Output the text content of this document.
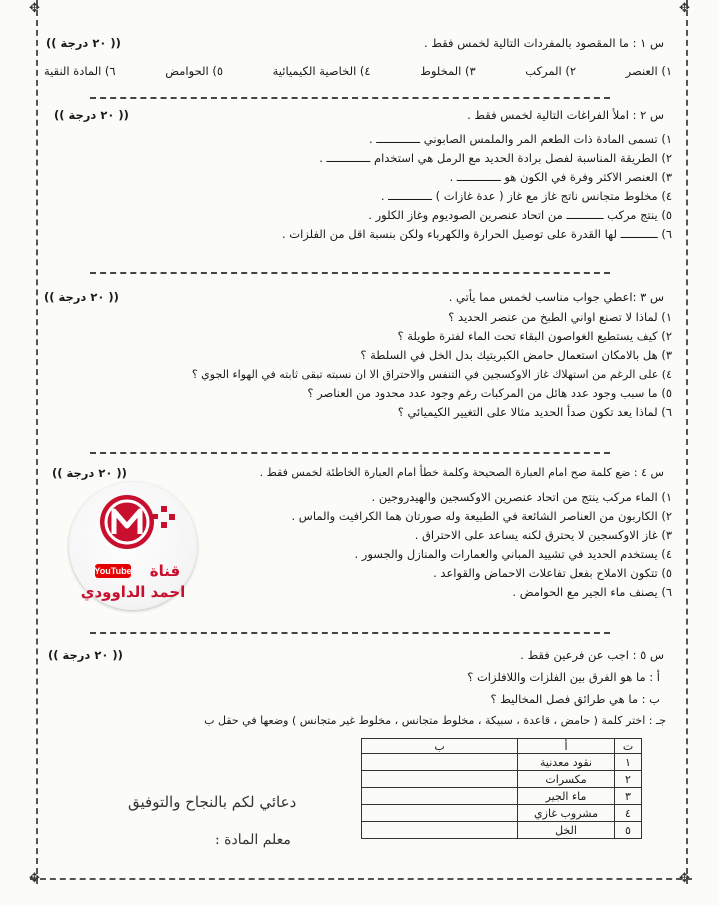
✥	✥
✥	✥
س ١ : ما المقصود بالمفردات التالية لخمس فقط .
(( ٢٠ درجة ))
١) العنصر
٢) المركب
٣) المخلوط
٤) الخاصية الكيميائية
٥) الحوامض
٦) المادة النقية
س ٢ : املأ الفراغات التالية لخمس فقط .
(( ٢٠ درجة ))
١) تسمى المادة ذات الطعم المر والملمس الصابوني ـــــــــــــ .
٢) الطريقة المناسبة لفصل برادة الحديد مع الرمل هي استخدام ـــــــــــــ .
٣) العنصر الاكثر وفرة في الكون هو ـــــــــــــ .
٤) مخلوط متجانس ناتج غاز مع غاز ( عدة غازات ) ـــــــــــــ .
٥) ينتج مركب ـــــــــــ من اتحاد عنصرين الصوديوم وغاز الكلور .
٦) ـــــــــــ لها القدرة على توصيل الحرارة والكهرباء ولكن بنسبة اقل من الفلزات .
س ٣ :اعطي جواب مناسب لخمس مما يأتي .
(( ٢٠ درجة ))
١) لماذا لا تصنع اواني الطبخ من عنصر الحديد ؟
٢) كيف يستطيع الغواصون البقاء تحت الماء لفترة طويلة ؟
٣) هل بالامكان استعمال حامض الكبريتيك بدل الخل في السلطة ؟
٤) على الرغم من استهلاك غاز الاوكسجين في التنفس والاحتراق الا ان نسبته تبقى ثابته في الهواء الجوي ؟
٥) ما سبب وجود عدد هائل من المركبات رغم وجود عدد محدود من العناصر ؟
٦) لماذا يعد تكون صدأ الحديد مثالا على التغيير الكيميائي ؟
س ٤ : ضع كلمة صح امام العبارة الصحيحة وكلمة خطأ امام العبارة الخاطئة لخمس فقط .
(( ٢٠ درجة ))
١) الماء مركب ينتج من اتحاد عنصرين الاوكسجين والهيدروجين .
٢) الكاربون من العناصر الشائعة في الطبيعة وله صورتان هما الكرافيت والماس .
٣) غاز الاوكسجين لا يحترق لكنه يساعد على الاحتراق .
٤) يستخدم الحديد في تشييد المباني والعمارات والمنازل والجسور .
٥) تتكون الاملاح بفعل تفاعلات الاحماض والقواعد .
٦) يصنف ماء الجير مع الحوامض .
س ٥ : اجب عن فرعين فقط .
(( ٢٠ درجة ))
أ : ما هو الفرق بين الفلزات واللافلزات ؟
ب : ما هي طرائق فصل المخاليط ؟
جـ : اختر كلمة ( حامض ، قاعدة ، سبيكة ، مخلوط متجانس ، مخلوط غير متجانس ) وضعها في حقل ب
ت	أ	ب
١	نقود معدنية	
٢	مكسرات	
٣	ماء الجير	
٤	مشروب غازي	
٥	الخل	
دعائي لكم بالنجاح والتوفيق
معلم المادة :
YouTube قناة
احمد الداوودي
